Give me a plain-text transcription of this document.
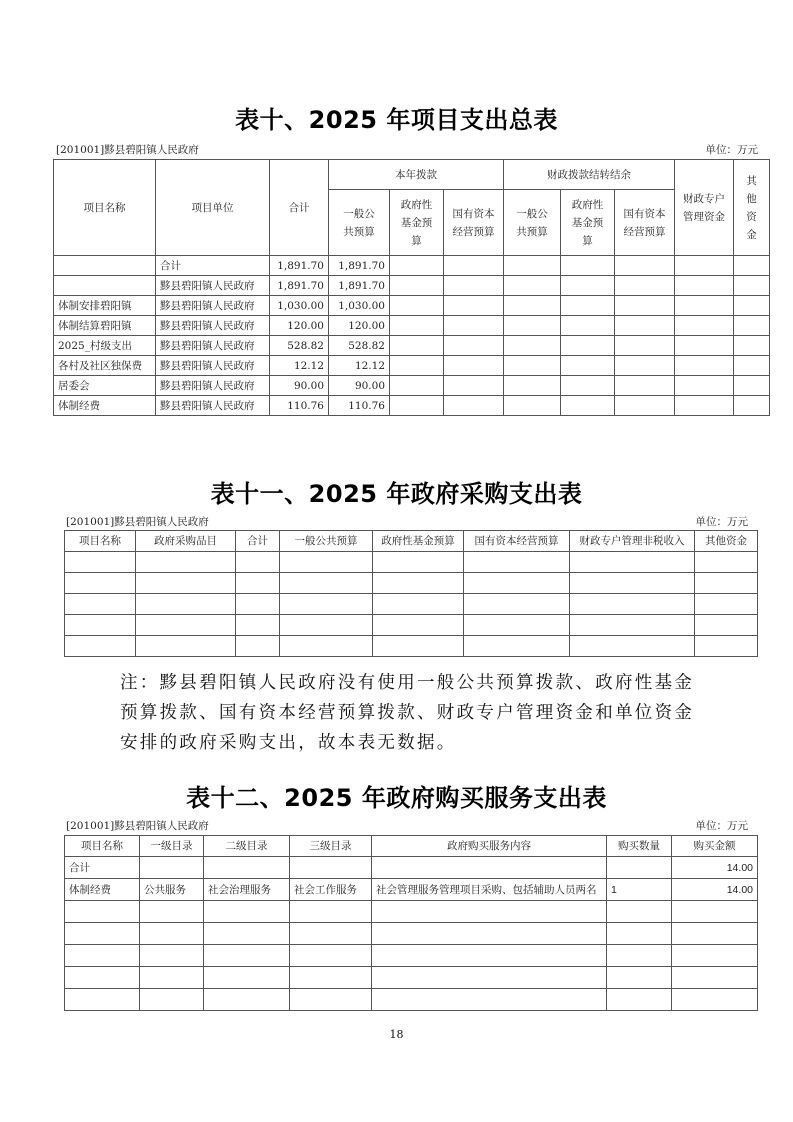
表十、2025 年项目支出总表
[201001]黟县碧阳镇人民政府	单位：万元
项目名称	项目单位	合计	本年拨款			财政拨款结转结余			财政专户管理资金	其他资金
			一般公共预算	政府性基金预算	国有资本经营预算	一般公共预算	政府性基金预算	国有资本经营预算		
	合计	1,891.70	1,891.70							
	黟县碧阳镇人民政府	1,891.70	1,891.70							
体制安排碧阳镇	黟县碧阳镇人民政府	1,030.00	1,030.00							
体制结算碧阳镇	黟县碧阳镇人民政府	120.00	120.00							
2025_村级支出	黟县碧阳镇人民政府	528.82	528.82							
各村及社区独保费	黟县碧阳镇人民政府	12.12	12.12							
居委会	黟县碧阳镇人民政府	90.00	90.00							
体制经费	黟县碧阳镇人民政府	110.76	110.76							
表十一、2025 年政府采购支出表
[201001]黟县碧阳镇人民政府	单位：万元
项目名称	政府采购品目	合计	一般公共预算	政府性基金预算	国有资本经营预算	财政专户管理非税收入	其他资金

注：黟县碧阳镇人民政府没有使用一般公共预算拨款、政府性基金预算拨款、国有资本经营预算拨款、财政专户管理资金和单位资金安排的政府采购支出，故本表无数据。
表十二、2025 年政府购买服务支出表
[201001]黟县碧阳镇人民政府	单位：万元
项目名称	一级目录	二级目录	三级目录	政府购买服务内容	购买数量	购买金额
合计						14.00
体制经费	公共服务	社会治理服务	社会工作服务	社会管理服务管理项目采购、包括辅助人员两名	1	14.00

18
